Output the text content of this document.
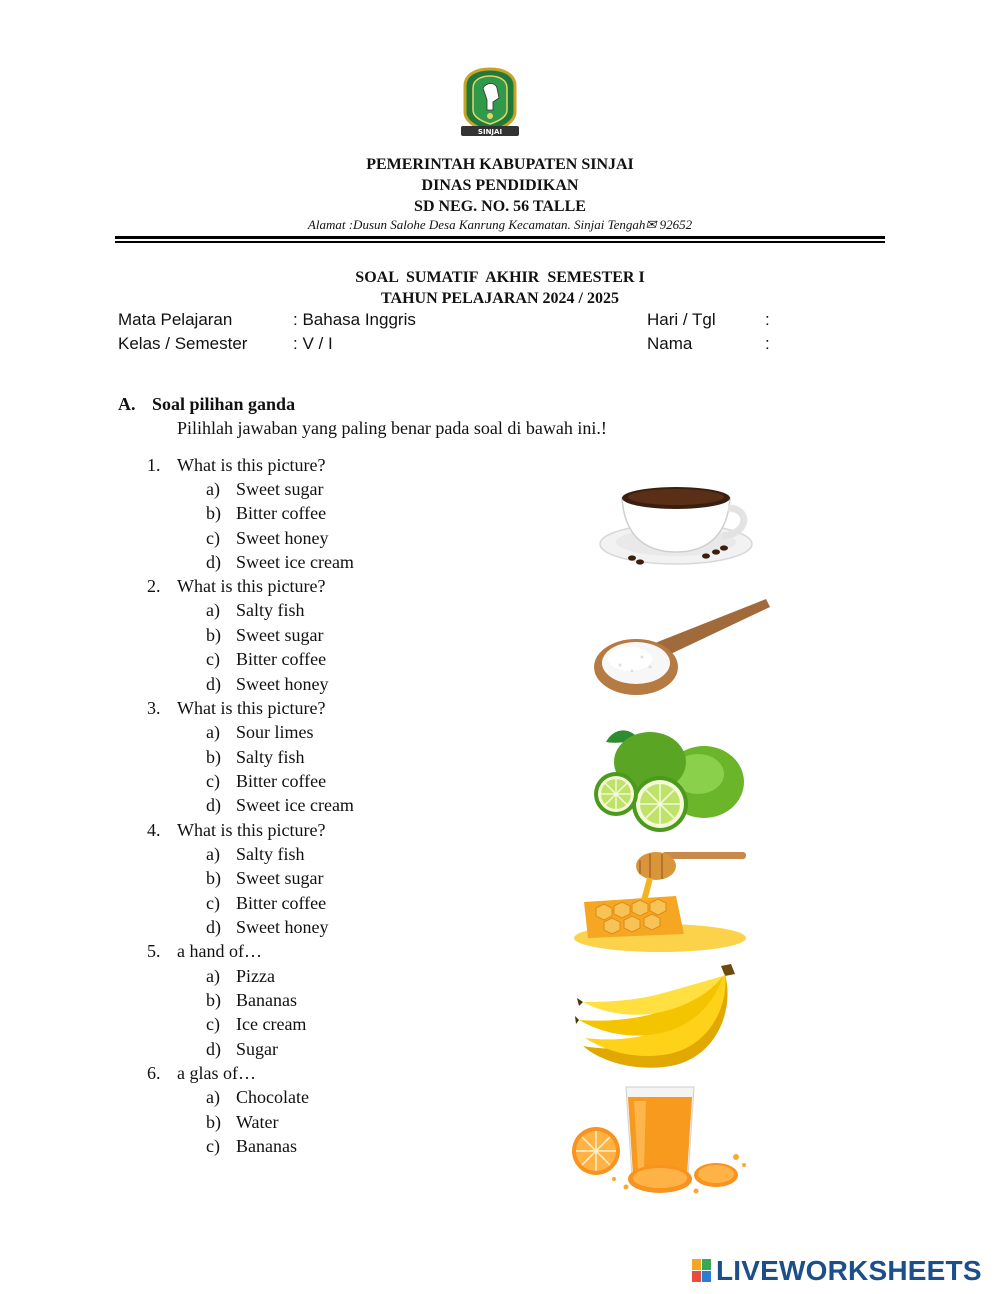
SINJAI
PEMERINTAH KABUPATEN SINJAI
DINAS PENDIDIKAN
SD NEG. NO. 56 TALLE
Alamat :Dusun Salohe Desa Kanrung Kecamatan. Sinjai Tengah✉ 92652
SOAL  SUMATIF  AKHIR  SEMESTER I
TAHUN PELAJARAN 2024 / 2025
Mata Pelajaran	: Bahasa Inggris	Hari / Tgl	:
Kelas / Semester	: V / I	Nama	:
A. Soal pilihan ganda
Pilihlah jawaban yang paling benar pada soal di bawah ini.!
1. What is this picture?
a) Sweet sugar
b) Bitter coffee
c) Sweet honey
d) Sweet ice cream
2. What is this picture?
a) Salty fish
b) Sweet sugar
c) Bitter coffee
d) Sweet honey
3. What is this picture?
a) Sour limes
b) Salty fish
c) Bitter coffee
d) Sweet ice cream
4. What is this picture?
a) Salty fish
b) Sweet sugar
c) Bitter coffee
d) Sweet honey
5. a hand of…
a) Pizza
b) Bananas
c) Ice cream
d) Sugar
6. a glas of…
a) Chocolate
b) Water
c) Bananas
LIVEWORKSHEETS
